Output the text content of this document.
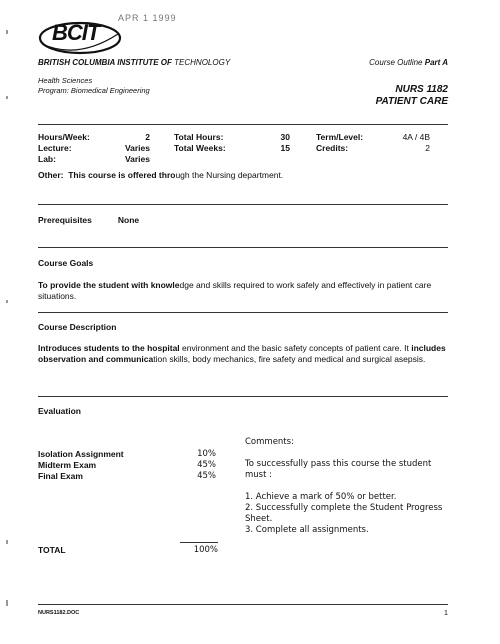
BCIT
APR 1 1999
BRITISH COLUMBIA INSTITUTE OF TECHNOLOGY	Course Outline Part A
Health Sciences
Program: Biomedical Engineering	NURS 1182
PATIENT CARE
Hours/Week:	2	Total Hours:	30	Term/Level:	4A / 4B
Lecture:	Varies	Total Weeks:	15	Credits:	2
Lab:	Varies
Other: This course is offered through the Nursing department.
Prerequisites	None
Course Goals
To provide the student with knowledge and skills required to work safely and effectively in patient care situations.
Course Description
Introduces students to the hospital environment and the basic safety concepts of patient care. It includes observation and communication skills, body mechanics, fire safety and medical and surgical asepsis.
Evaluation
Isolation Assignment	10%
Midterm Exam	45%
Final Exam	45%
Comments:
To successfully pass this course the student must :
1. Achieve a mark of 50% or better.
2. Successfully complete the Student Progress Sheet.
3. Complete all assignments.
TOTAL	100%
NURS1182.DOC	1
